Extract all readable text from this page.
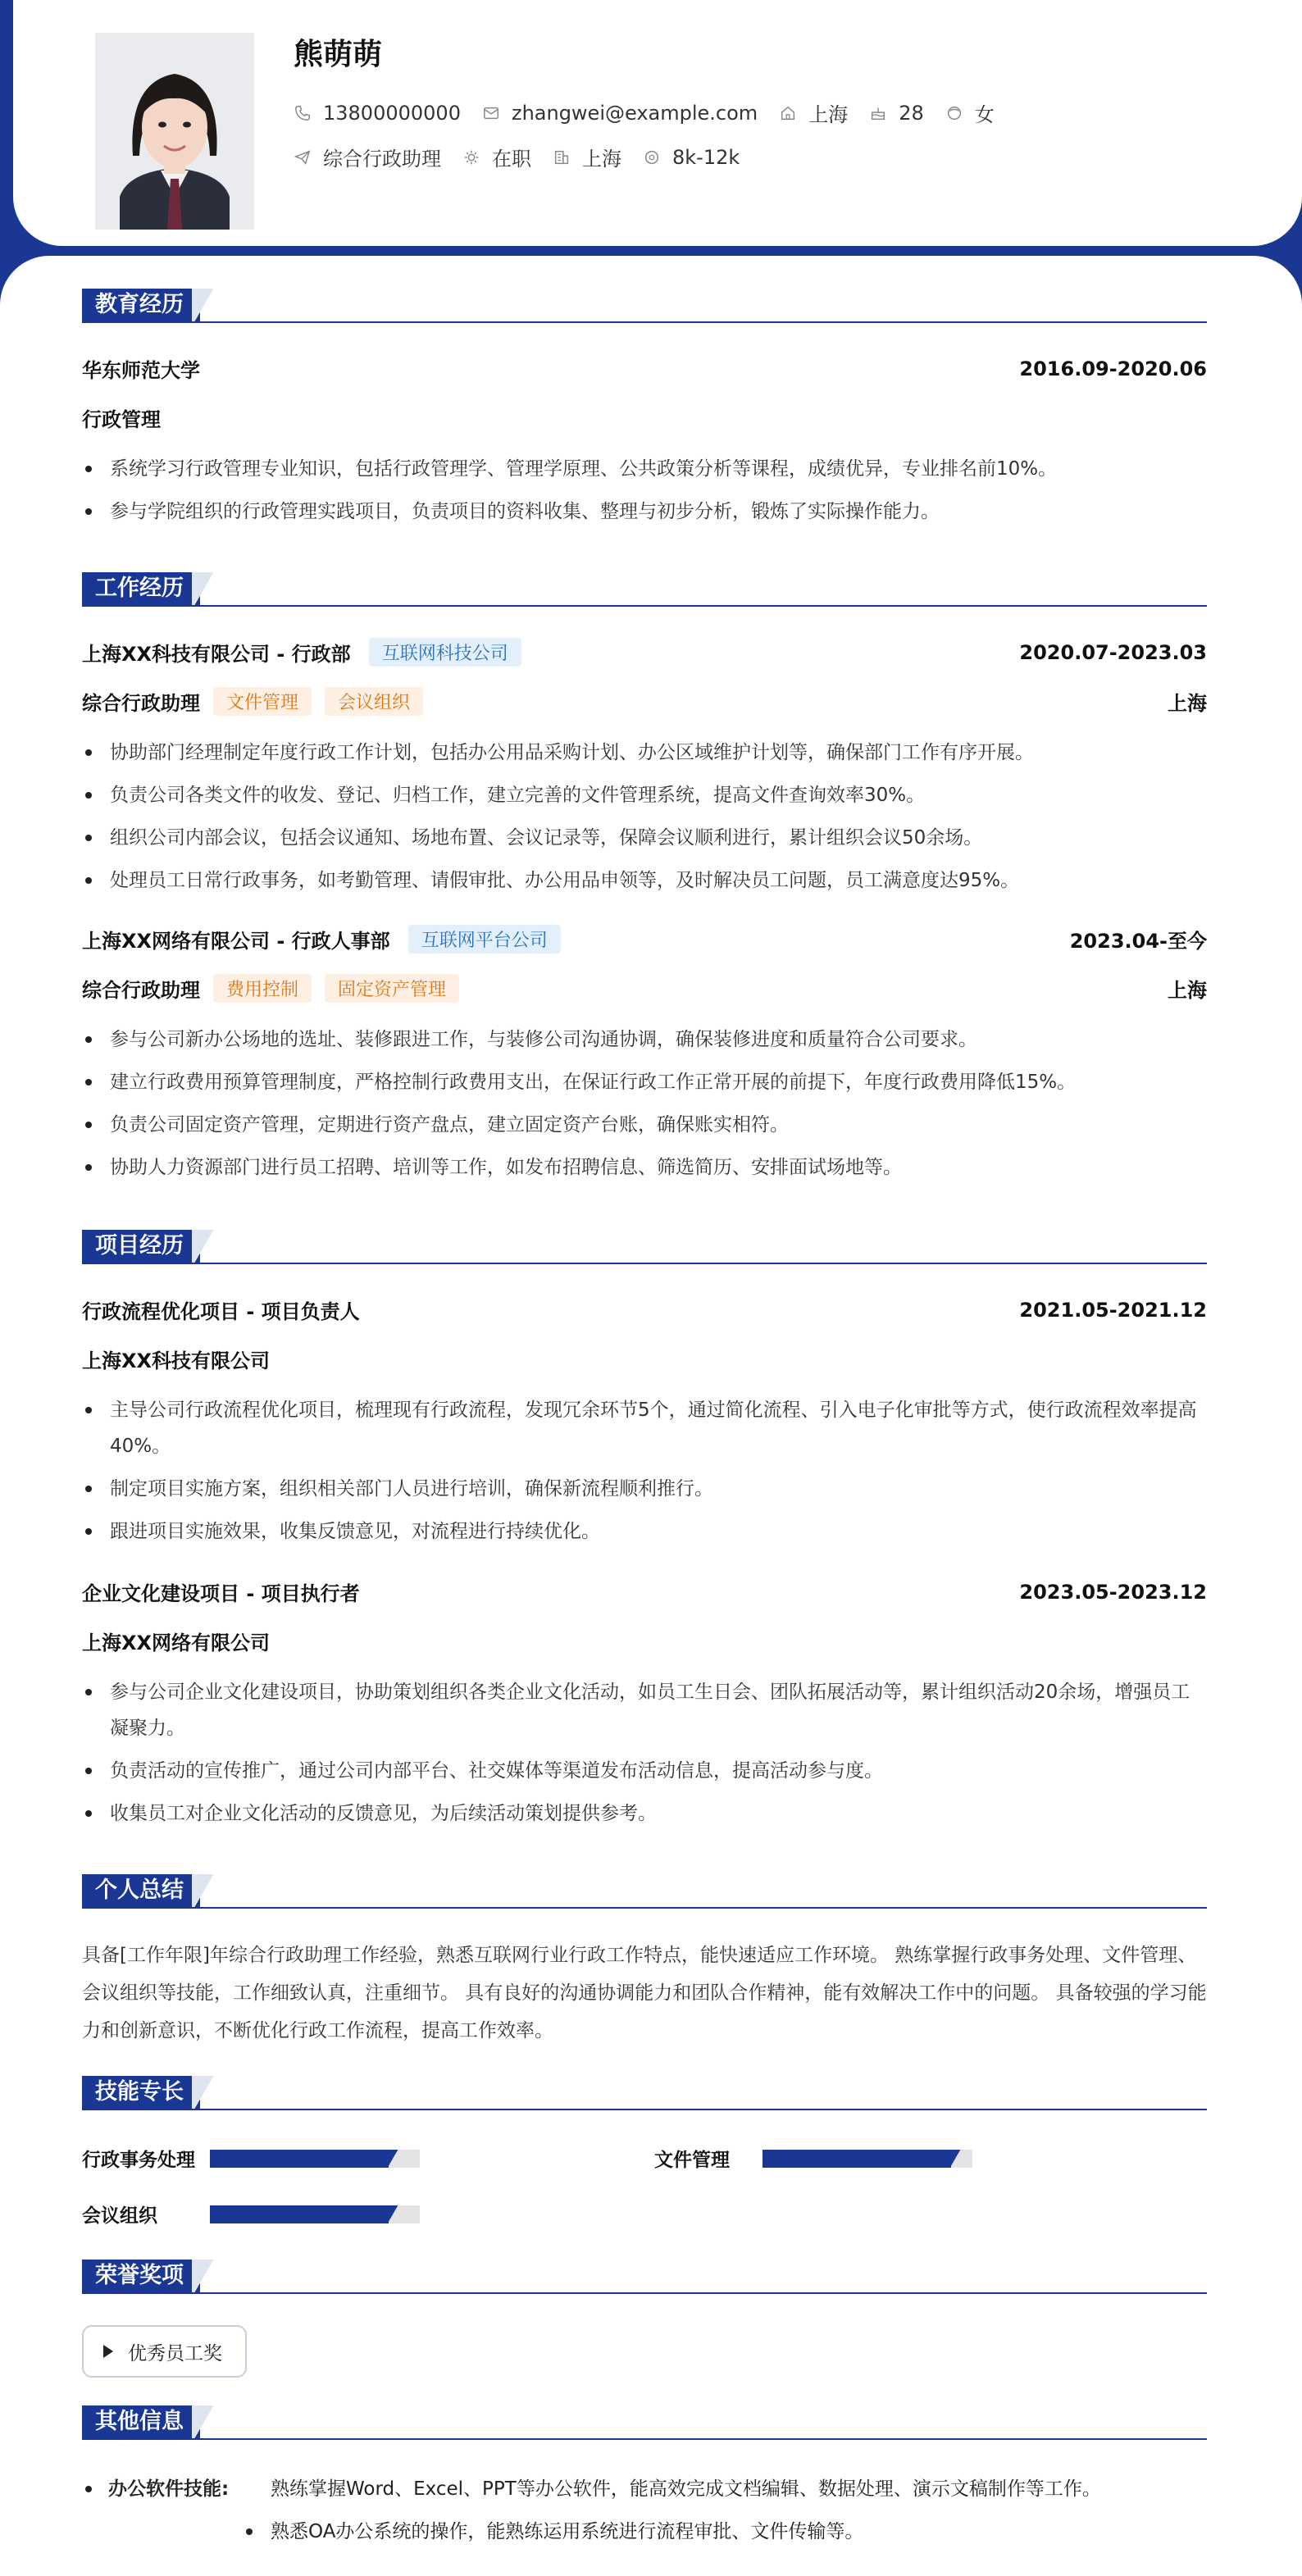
熊萌萌
13800000000	zhangwei@example.com	上海	28	女
综合行政助理	在职	上海	8k-12k
教育经历
华东师范大学	2016.09-2020.06
行政管理
系统学习行政管理专业知识，包括行政管理学、管理学原理、公共政策分析等课程，成绩优异，专业排名前10%。
参与学院组织的行政管理实践项目，负责项目的资料收集、整理与初步分析，锻炼了实际操作能力。
工作经历
上海XX科技有限公司 - 行政部	互联网科技公司	2020.07-2023.03
综合行政助理	文件管理	会议组织	上海
协助部门经理制定年度行政工作计划，包括办公用品采购计划、办公区域维护计划等，确保部门工作有序开展。
负责公司各类文件的收发、登记、归档工作，建立完善的文件管理系统，提高文件查询效率30%。
组织公司内部会议，包括会议通知、场地布置、会议记录等，保障会议顺利进行，累计组织会议50余场。
处理员工日常行政事务，如考勤管理、请假审批、办公用品申领等，及时解决员工问题，员工满意度达95%。
上海XX网络有限公司 - 行政人事部	互联网平台公司	2023.04-至今
综合行政助理	费用控制	固定资产管理	上海
参与公司新办公场地的选址、装修跟进工作，与装修公司沟通协调，确保装修进度和质量符合公司要求。
建立行政费用预算管理制度，严格控制行政费用支出，在保证行政工作正常开展的前提下，年度行政费用降低15%。
负责公司固定资产管理，定期进行资产盘点，建立固定资产台账，确保账实相符。
协助人力资源部门进行员工招聘、培训等工作，如发布招聘信息、筛选简历、安排面试场地等。
项目经历
行政流程优化项目 - 项目负责人	2021.05-2021.12
上海XX科技有限公司
主导公司行政流程优化项目，梳理现有行政流程，发现冗余环节5个，通过简化流程、引入电子化审批等方式，使行政流程效率提高40%。
制定项目实施方案，组织相关部门人员进行培训，确保新流程顺利推行。
跟进项目实施效果，收集反馈意见，对流程进行持续优化。
企业文化建设项目 - 项目执行者	2023.05-2023.12
上海XX网络有限公司
参与公司企业文化建设项目，协助策划组织各类企业文化活动，如员工生日会、团队拓展活动等，累计组织活动20余场，增强员工凝聚力。
负责活动的宣传推广，通过公司内部平台、社交媒体等渠道发布活动信息，提高活动参与度。
收集员工对企业文化活动的反馈意见，为后续活动策划提供参考。
个人总结
具备[工作年限]年综合行政助理工作经验，熟悉互联网行业行政工作特点，能快速适应工作环境。 熟练掌握行政事务处理、文件管理、会议组织等技能，工作细致认真，注重细节。 具有良好的沟通协调能力和团队合作精神，能有效解决工作中的问题。 具备较强的学习能力和创新意识，不断优化行政工作流程，提高工作效率。
技能专长
行政事务处理	文件管理
会议组织
荣誉奖项
优秀员工奖
其他信息
办公软件技能: 熟练掌握Word、Excel、PPT等办公软件，能高效完成文档编辑、数据处理、演示文稿制作等工作。
熟悉OA办公系统的操作，能熟练运用系统进行流程审批、文件传输等。
